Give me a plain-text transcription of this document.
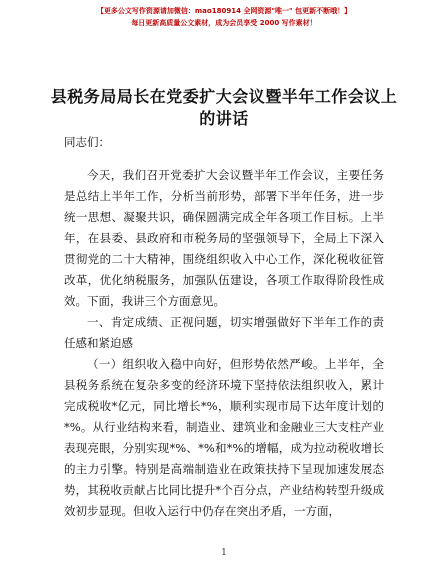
【更多公文写作资源请加微信：mao180914 全网资源"唯一" 包更新不断哦！】
每日更新高质量公文素材，成为会员享受 2000 写作素材！
县税务局局长在党委扩大会议暨半年工作会议上的讲话

同志们：

今天，我们召开党委扩大会议暨半年工作会议，主要任务是总结上半年工作，分析当前形势，部署下半年任务，进一步统一思想、凝聚共识，确保圆满完成全年各项工作目标。上半年，在县委、县政府和市税务局的坚强领导下，全局上下深入贯彻党的二十大精神，围绕组织收入中心工作，深化税收征管改革，优化纳税服务，加强队伍建设，各项工作取得阶段性成效。下面，我讲三个方面意见。

一、肯定成绩、正视问题，切实增强做好下半年工作的责任感和紧迫感

（一）组织收入稳中向好，但形势依然严峻。上半年，全县税务系统在复杂多变的经济环境下坚持依法组织收入，累计完成税收*亿元，同比增长*%，顺利实现市局下达年度计划的*%。从行业结构来看，制造业、建筑业和金融业三大支柱产业表现亮眼，分别实现*%、*%和*%的增幅，成为拉动税收增长的主力引擎。特别是高端制造业在政策扶持下呈现加速发展态势，其税收贡献占比同比提升*个百分点，产业结构转型升级成效初步显现。但收入运行中仍存在突出矛盾，一方面，

1
